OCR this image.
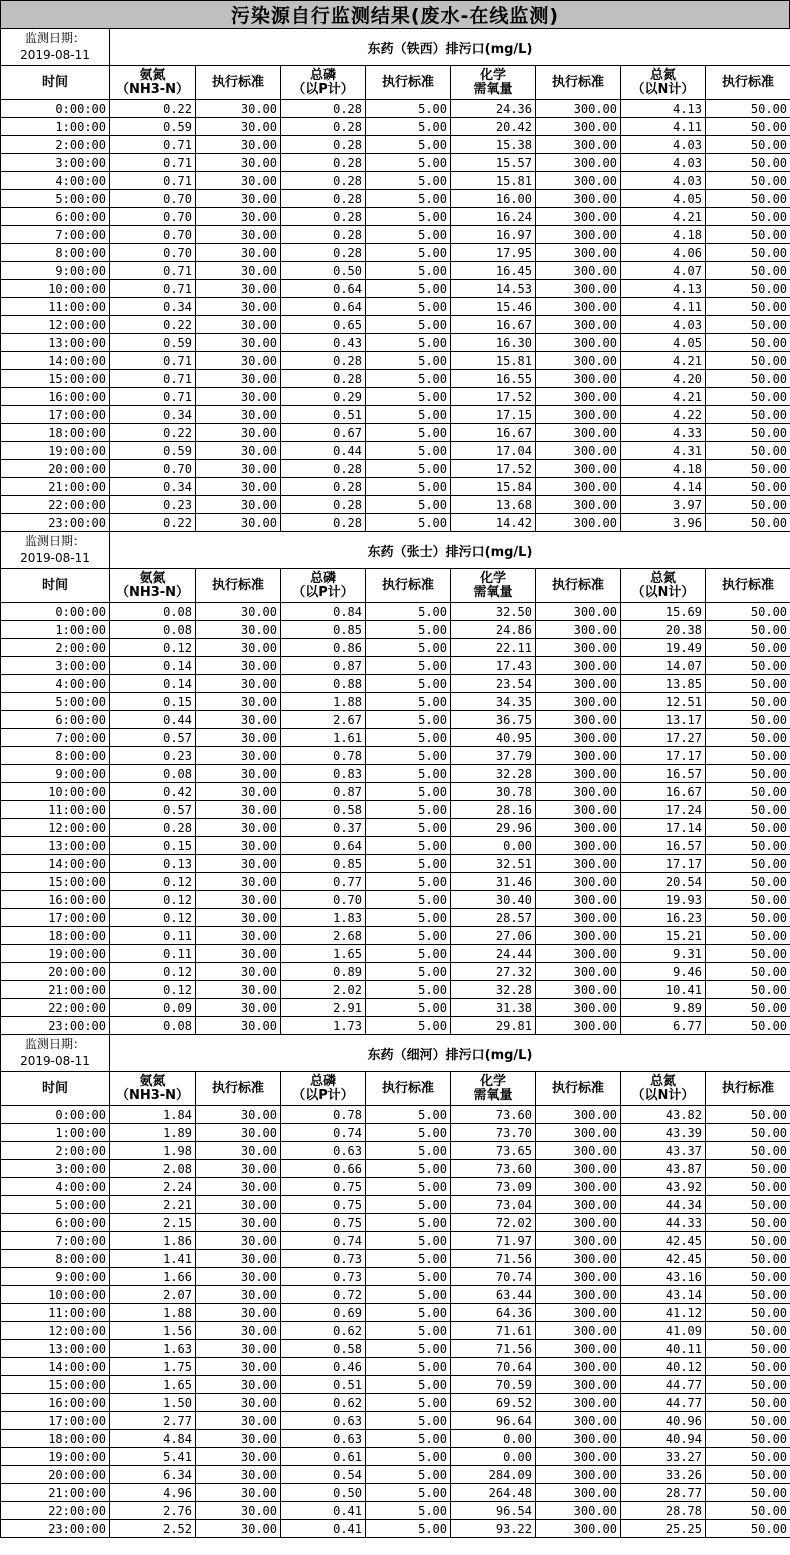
污染源自行监测结果(废水-在线监测)
监测日期：
2019-08-11	东药（铁西）排污口(mg/L)							

时间	氨氮
（NH3-N）	执行标准	总磷
（以P计）	执行标准	化学
需氧量	执行标准	总氮
（以N计）	执行标准

0:00:00	0.22	30.00	0.28	5.00	24.36	300.00	4.13	50.00
1:00:00	0.59	30.00	0.28	5.00	20.42	300.00	4.11	50.00
2:00:00	0.71	30.00	0.28	5.00	15.38	300.00	4.03	50.00
3:00:00	0.71	30.00	0.28	5.00	15.57	300.00	4.03	50.00
4:00:00	0.71	30.00	0.28	5.00	15.81	300.00	4.03	50.00
5:00:00	0.70	30.00	0.28	5.00	16.00	300.00	4.05	50.00
6:00:00	0.70	30.00	0.28	5.00	16.24	300.00	4.21	50.00
7:00:00	0.70	30.00	0.28	5.00	16.97	300.00	4.18	50.00
8:00:00	0.70	30.00	0.28	5.00	17.95	300.00	4.06	50.00
9:00:00	0.71	30.00	0.50	5.00	16.45	300.00	4.07	50.00
10:00:00	0.71	30.00	0.64	5.00	14.53	300.00	4.13	50.00
11:00:00	0.34	30.00	0.64	5.00	15.46	300.00	4.11	50.00
12:00:00	0.22	30.00	0.65	5.00	16.67	300.00	4.03	50.00
13:00:00	0.59	30.00	0.43	5.00	16.30	300.00	4.05	50.00
14:00:00	0.71	30.00	0.28	5.00	15.81	300.00	4.21	50.00
15:00:00	0.71	30.00	0.28	5.00	16.55	300.00	4.20	50.00
16:00:00	0.71	30.00	0.29	5.00	17.52	300.00	4.21	50.00
17:00:00	0.34	30.00	0.51	5.00	17.15	300.00	4.22	50.00
18:00:00	0.22	30.00	0.67	5.00	16.67	300.00	4.33	50.00
19:00:00	0.59	30.00	0.44	5.00	17.04	300.00	4.31	50.00
20:00:00	0.70	30.00	0.28	5.00	17.52	300.00	4.18	50.00
21:00:00	0.34	30.00	0.28	5.00	15.84	300.00	4.14	50.00
22:00:00	0.23	30.00	0.28	5.00	13.68	300.00	3.97	50.00
23:00:00	0.22	30.00	0.28	5.00	14.42	300.00	3.96	50.00

监测日期：
2019-08-11	东药（张士）排污口(mg/L)							

时间	氨氮
（NH3-N）	执行标准	总磷
（以P计）	执行标准	化学
需氧量	执行标准	总氮
（以N计）	执行标准

0:00:00	0.08	30.00	0.84	5.00	32.50	300.00	15.69	50.00
1:00:00	0.08	30.00	0.85	5.00	24.86	300.00	20.38	50.00
2:00:00	0.12	30.00	0.86	5.00	22.11	300.00	19.49	50.00
3:00:00	0.14	30.00	0.87	5.00	17.43	300.00	14.07	50.00
4:00:00	0.14	30.00	0.88	5.00	23.54	300.00	13.85	50.00
5:00:00	0.15	30.00	1.88	5.00	34.35	300.00	12.51	50.00
6:00:00	0.44	30.00	2.67	5.00	36.75	300.00	13.17	50.00
7:00:00	0.57	30.00	1.61	5.00	40.95	300.00	17.27	50.00
8:00:00	0.23	30.00	0.78	5.00	37.79	300.00	17.17	50.00
9:00:00	0.08	30.00	0.83	5.00	32.28	300.00	16.57	50.00
10:00:00	0.42	30.00	0.87	5.00	30.78	300.00	16.67	50.00
11:00:00	0.57	30.00	0.58	5.00	28.16	300.00	17.24	50.00
12:00:00	0.28	30.00	0.37	5.00	29.96	300.00	17.14	50.00
13:00:00	0.15	30.00	0.64	5.00	0.00	300.00	16.57	50.00
14:00:00	0.13	30.00	0.85	5.00	32.51	300.00	17.17	50.00
15:00:00	0.12	30.00	0.77	5.00	31.46	300.00	20.54	50.00
16:00:00	0.12	30.00	0.70	5.00	30.40	300.00	19.93	50.00
17:00:00	0.12	30.00	1.83	5.00	28.57	300.00	16.23	50.00
18:00:00	0.11	30.00	2.68	5.00	27.06	300.00	15.21	50.00
19:00:00	0.11	30.00	1.65	5.00	24.44	300.00	9.31	50.00
20:00:00	0.12	30.00	0.89	5.00	27.32	300.00	9.46	50.00
21:00:00	0.12	30.00	2.02	5.00	32.28	300.00	10.41	50.00
22:00:00	0.09	30.00	2.91	5.00	31.38	300.00	9.89	50.00
23:00:00	0.08	30.00	1.73	5.00	29.81	300.00	6.77	50.00

监测日期：
2019-08-11	东药（细河）排污口(mg/L)							

时间	氨氮
（NH3-N）	执行标准	总磷
（以P计）	执行标准	化学
需氧量	执行标准	总氮
（以N计）	执行标准

0:00:00	1.84	30.00	0.78	5.00	73.60	300.00	43.82	50.00
1:00:00	1.89	30.00	0.74	5.00	73.70	300.00	43.39	50.00
2:00:00	1.98	30.00	0.63	5.00	73.65	300.00	43.37	50.00
3:00:00	2.08	30.00	0.66	5.00	73.60	300.00	43.87	50.00
4:00:00	2.24	30.00	0.75	5.00	73.09	300.00	43.92	50.00
5:00:00	2.21	30.00	0.75	5.00	73.04	300.00	44.34	50.00
6:00:00	2.15	30.00	0.75	5.00	72.02	300.00	44.33	50.00
7:00:00	1.86	30.00	0.74	5.00	71.97	300.00	42.45	50.00
8:00:00	1.41	30.00	0.73	5.00	71.56	300.00	42.45	50.00
9:00:00	1.66	30.00	0.73	5.00	70.74	300.00	43.16	50.00
10:00:00	2.07	30.00	0.72	5.00	63.44	300.00	43.14	50.00
11:00:00	1.88	30.00	0.69	5.00	64.36	300.00	41.12	50.00
12:00:00	1.56	30.00	0.62	5.00	71.61	300.00	41.09	50.00
13:00:00	1.63	30.00	0.58	5.00	71.56	300.00	40.11	50.00
14:00:00	1.75	30.00	0.46	5.00	70.64	300.00	40.12	50.00
15:00:00	1.65	30.00	0.51	5.00	70.59	300.00	44.77	50.00
16:00:00	1.50	30.00	0.62	5.00	69.52	300.00	44.77	50.00
17:00:00	2.77	30.00	0.63	5.00	96.64	300.00	40.96	50.00
18:00:00	4.84	30.00	0.63	5.00	0.00	300.00	40.94	50.00
19:00:00	5.41	30.00	0.61	5.00	0.00	300.00	33.27	50.00
20:00:00	6.34	30.00	0.54	5.00	284.09	300.00	33.26	50.00
21:00:00	4.96	30.00	0.50	5.00	264.48	300.00	28.77	50.00
22:00:00	2.76	30.00	0.41	5.00	96.54	300.00	28.78	50.00
23:00:00	2.52	30.00	0.41	5.00	93.22	300.00	25.25	50.00
